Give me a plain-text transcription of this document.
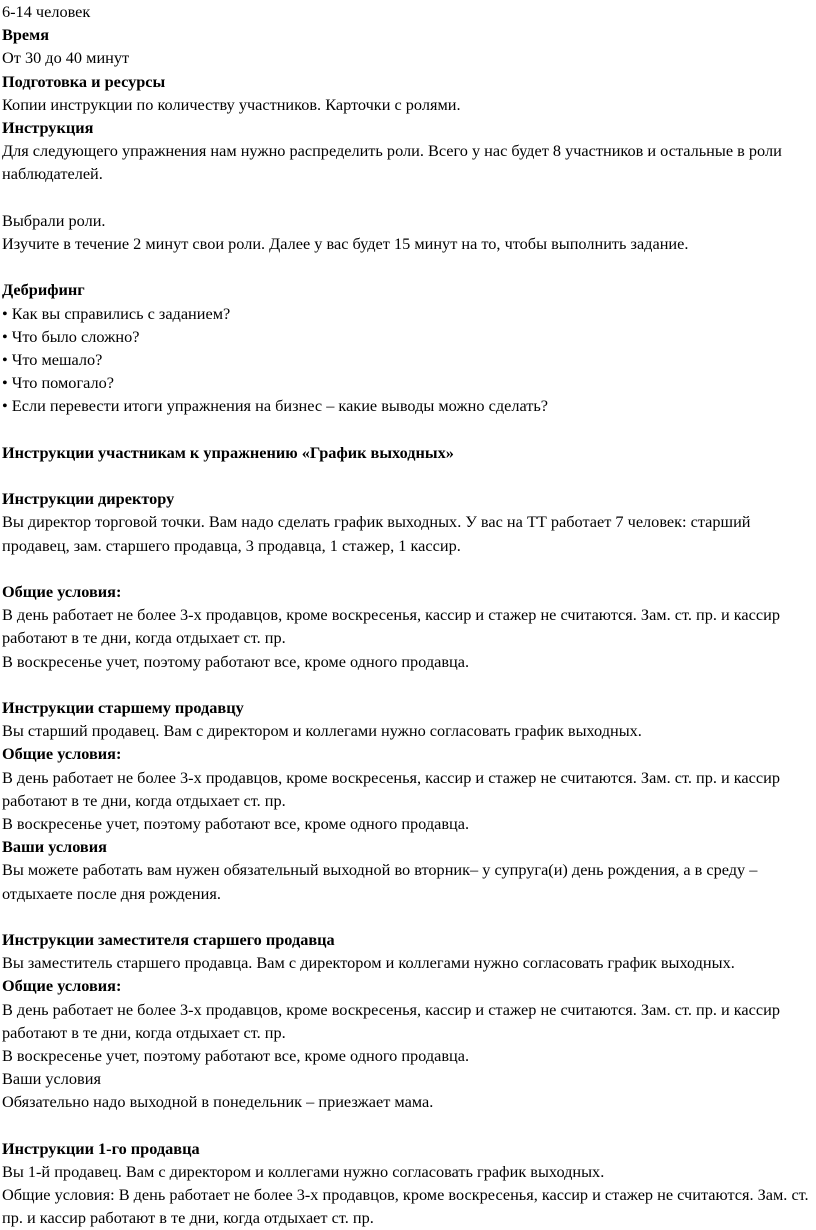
6-14 человек

Время

От 30 до 40 минут

Подготовка и ресурсы

Копии инструкции по количеству участников. Карточки с ролями.

Инструкция

Для следующего упражнения нам нужно распределить роли. Всего у нас будет 8 участников и остальные в роли наблюдателей.

Выбрали роли.

Изучите в течение 2 минут свои роли. Далее у вас будет 15 минут на то, чтобы выполнить задание.

Дебрифинг

• Как вы справились с заданием?

• Что было сложно?

• Что мешало?

• Что помогало?

• Если перевести итоги упражнения на бизнес – какие выводы можно сделать?

Инструкции участникам к упражнению «График выходных»

Инструкции директору

Вы директор торговой точки. Вам надо сделать график выходных. У вас на ТТ работает 7 человек: старший продавец, зам. старшего продавца, 3 продавца, 1 стажер, 1 кассир.

Общие условия:

В день работает не более 3-х продавцов, кроме воскресенья, кассир и стажер не считаются. Зам. ст. пр. и кассир работают в те дни, когда отдыхает ст. пр.

В воскресенье учет, поэтому работают все, кроме одного продавца.

Инструкции старшему продавцу

Вы старший продавец. Вам с директором и коллегами нужно согласовать график выходных.

Общие условия:

В день работает не более 3-х продавцов, кроме воскресенья, кассир и стажер не считаются. Зам. ст. пр. и кассир работают в те дни, когда отдыхает ст. пр.

В воскресенье учет, поэтому работают все, кроме одного продавца.

Ваши условия

Вы можете работать вам нужен обязательный выходной во вторник– у супруга(и) день рождения, а в среду – отдыхаете после дня рождения.

Инструкции заместителя старшего продавца

Вы заместитель старшего продавца. Вам с директором и коллегами нужно согласовать график выходных.

Общие условия:

В день работает не более 3-х продавцов, кроме воскресенья, кассир и стажер не считаются. Зам. ст. пр. и кассир работают в те дни, когда отдыхает ст. пр.

В воскресенье учет, поэтому работают все, кроме одного продавца.

Ваши условия

Обязательно надо выходной в понедельник – приезжает мама.

Инструкции 1-го продавца

Вы 1-й продавец. Вам с директором и коллегами нужно согласовать график выходных.

Общие условия: В день работает не более 3-х продавцов, кроме воскресенья, кассир и стажер не считаются. Зам. ст. пр. и кассир работают в те дни, когда отдыхает ст. пр.
